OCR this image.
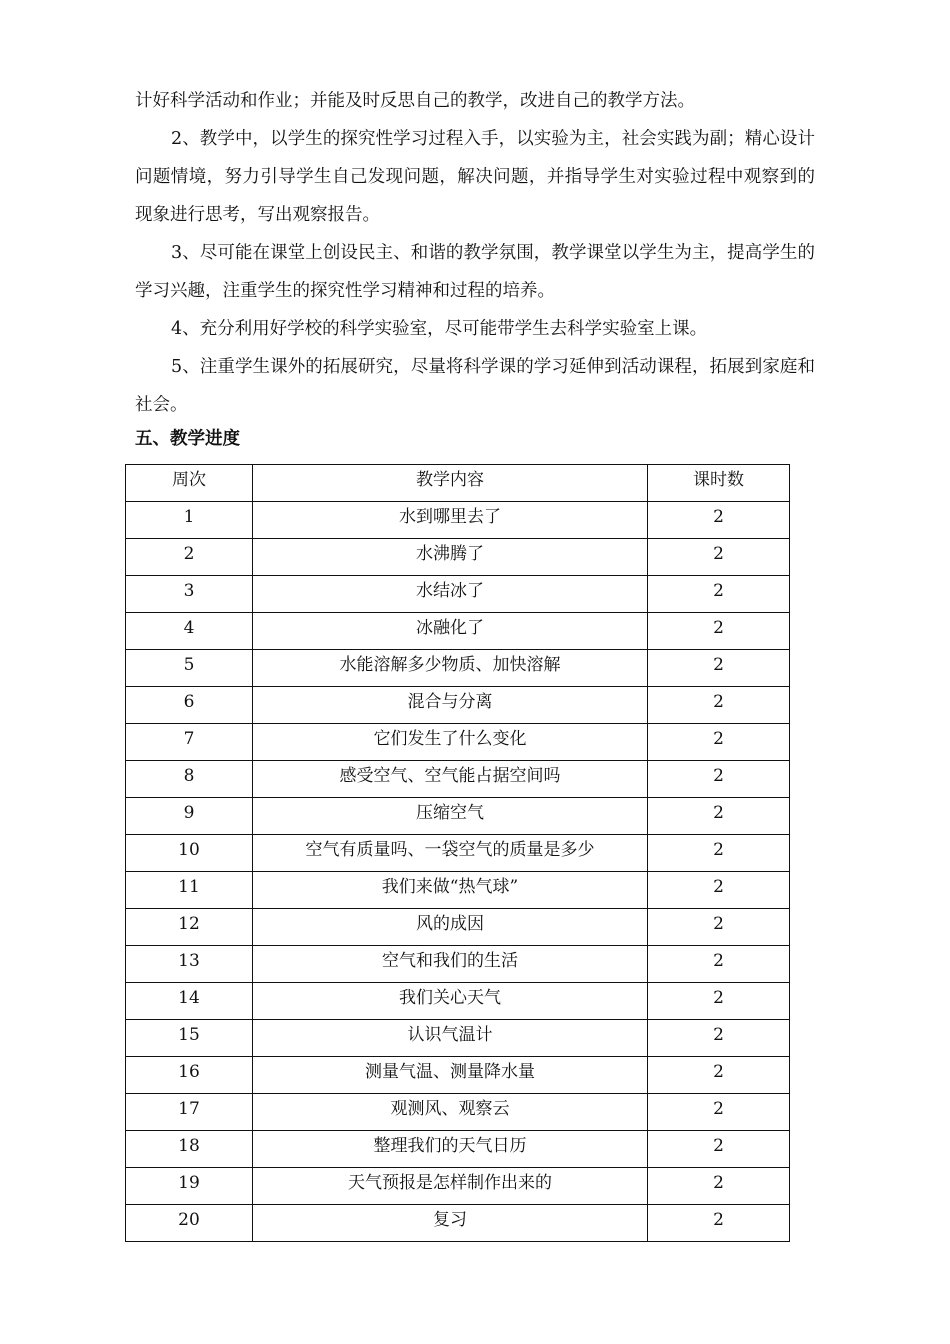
计好科学活动和作业；并能及时反思自己的教学，改进自己的教学方法。

2、教学中，以学生的探究性学习过程入手，以实验为主，社会实践为副；精心设计问题情境，努力引导学生自己发现问题，解决问题，并指导学生对实验过程中观察到的现象进行思考，写出观察报告。

3、尽可能在课堂上创设民主、和谐的教学氛围，教学课堂以学生为主，提高学生的学习兴趣，注重学生的探究性学习精神和过程的培养。

4、充分利用好学校的科学实验室，尽可能带学生去科学实验室上课。

5、注重学生课外的拓展研究，尽量将科学课的学习延伸到活动课程，拓展到家庭和社会。

五、教学进度
周次	教学内容	课时数
1	水到哪里去了	2
2	水沸腾了	2
3	水结冰了	2
4	冰融化了	2
5	水能溶解多少物质、加快溶解	2
6	混合与分离	2
7	它们发生了什么变化	2
8	感受空气、空气能占据空间吗	2
9	压缩空气	2
10	空气有质量吗、一袋空气的质量是多少	2
11	我们来做“热气球”	2
12	风的成因	2
13	空气和我们的生活	2
14	我们关心天气	2
15	认识气温计	2
16	测量气温、测量降水量	2
17	观测风、观察云	2
18	整理我们的天气日历	2
19	天气预报是怎样制作出来的	2
20	复习	2
